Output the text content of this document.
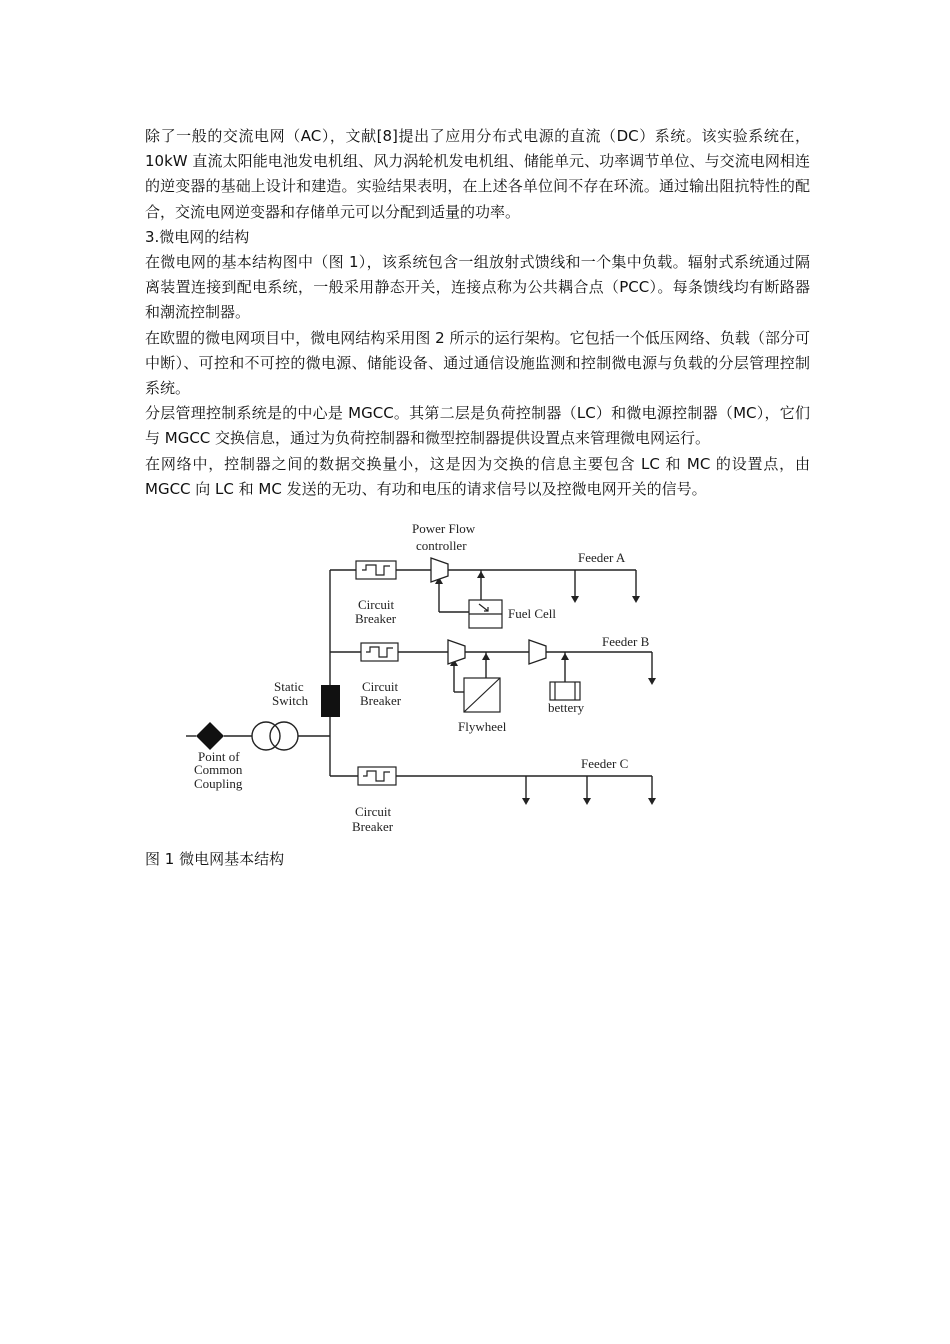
除了一般的交流电网（AC），文献[8]提出了应用分布式电源的直流（DC）系统。该实验系统在，10kW 直流太阳能电池发电机组、风力涡轮机发电机组、储能单元、功率调节单位、与交流电网相连的逆变器的基础上设计和建造。实验结果表明，在上述各单位间不存在环流。通过输出阻抗特性的配合，交流电网逆变器和存储单元可以分配到适量的功率。

3.微电网的结构

在微电网的基本结构图中（图 1），该系统包含一组放射式馈线和一个集中负载。辐射式系统通过隔离装置连接到配电系统，一般采用静态开关，连接点称为公共耦合点（PCC）。每条馈线均有断路器和潮流控制器。

在欧盟的微电网项目中，微电网结构采用图 2 所示的运行架构。它包括一个低压网络、负载（部分可中断）、可控和不可控的微电源、储能设备、通过通信设施监测和控制微电源与负载的分层管理控制系统。

分层管理控制系统是的中心是 MGCC。其第二层是负荷控制器（LC）和微电源控制器（MC），它们与 MGCC 交换信息，通过为负荷控制器和微型控制器提供设置点来管理微电网运行。

在网络中，控制器之间的数据交换量小，这是因为交换的信息主要包含 LC 和 MC 的设置点，由 MGCC 向 LC 和 MC 发送的无功、有功和电压的请求信号以及控微电网开关的信号。

Power Flow
controller
Feeder A
Feeder B
Feeder C
Fuel Cell
Circuit
Breaker
Circuit
Breaker
Static
Switch
Flywheel
bettery
Point of
Common
Coupling
Circuit
Breaker
图 1 微电网基本结构
